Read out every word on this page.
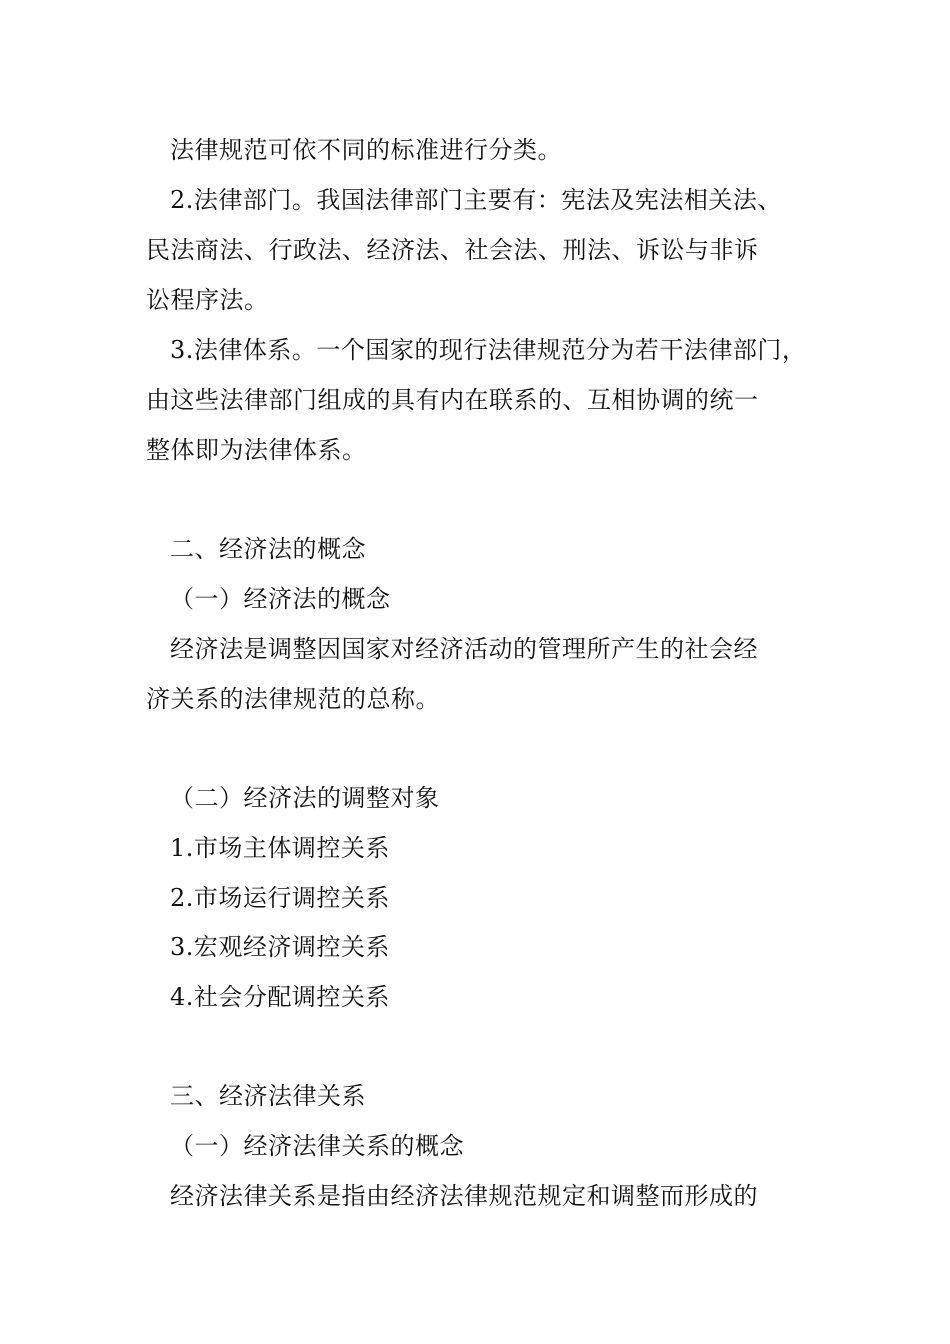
法律规范可依不同的标准进行分类。
2.法律部门。我国法律部门主要有：宪法及宪法相关法、
民法商法、行政法、经济法、社会法、刑法、诉讼与非诉
讼程序法。
3.法律体系。一个国家的现行法律规范分为若干法律部门，
由这些法律部门组成的具有内在联系的、互相协调的统一
整体即为法律体系。
二、经济法的概念
（一）经济法的概念
经济法是调整因国家对经济活动的管理所产生的社会经
济关系的法律规范的总称。
（二）经济法的调整对象
1.市场主体调控关系
2.市场运行调控关系
3.宏观经济调控关系
4.社会分配调控关系
三、经济法律关系
（一）经济法律关系的概念
经济法律关系是指由经济法律规范规定和调整而形成的
